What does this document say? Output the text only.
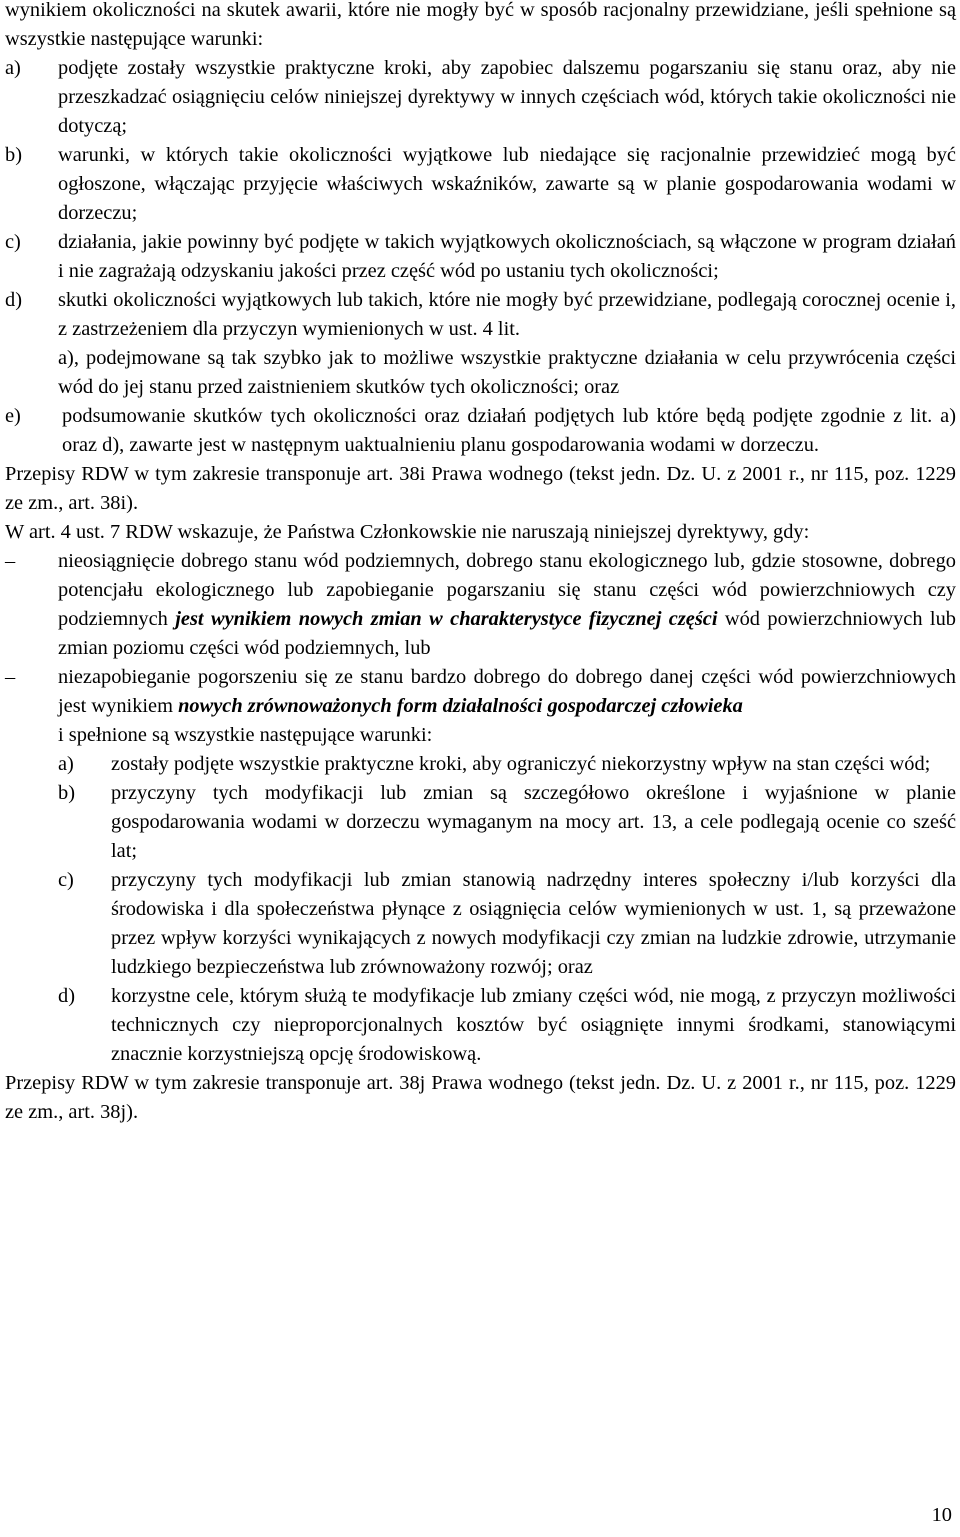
wynikiem okoliczności na skutek awarii, które nie mogły być w sposób racjonalny przewidziane, jeśli spełnione są wszystkie następujące warunki:

a)	podjęte zostały wszystkie praktyczne kroki, aby zapobiec dalszemu pogarszaniu się stanu oraz, aby nie przeszkadzać osiągnięciu celów niniejszej dyrektywy w innych częściach wód, których takie okoliczności nie dotyczą;
b)	warunki, w których takie okoliczności wyjątkowe lub niedające się racjonalnie przewidzieć mogą być ogłoszone, włączając przyjęcie właściwych wskaźników, zawarte są w planie gospodarowania wodami w dorzeczu;
c)	działania, jakie powinny być podjęte w takich wyjątkowych okolicznościach, są włączone w program działań i nie zagrażają odzyskaniu jakości przez część wód po ustaniu tych okoliczności;
d)	skutki okoliczności wyjątkowych lub takich, które nie mogły być przewidziane, podlegają corocznej ocenie i, z zastrzeżeniem dla przyczyn wymienionych w ust. 4 lit.
a), podejmowane są tak szybko jak to możliwe wszystkie praktyczne działania w celu przywrócenia części wód do jej stanu przed zaistnieniem skutków tych okoliczności; oraz
e)	podsumowanie skutków tych okoliczności oraz działań podjętych lub które będą podjęte zgodnie z lit. a) oraz d), zawarte jest w następnym uaktualnieniu planu gospodarowania wodami w dorzeczu.

Przepisy RDW w tym zakresie transponuje art. 38i Prawa wodnego (tekst jedn. Dz. U. z 2001 r., nr 115, poz. 1229 ze zm., art. 38i).

W art. 4 ust. 7 RDW wskazuje, że Państwa Członkowskie nie naruszają niniejszej dyrektywy, gdy:

–	nieosiągnięcie dobrego stanu wód podziemnych, dobrego stanu ekologicznego lub, gdzie stosowne, dobrego potencjału ekologicznego lub zapobieganie pogarszaniu się stanu części wód powierzchniowych czy podziemnych jest wynikiem nowych zmian w charakterystyce fizycznej części wód powierzchniowych lub zmian poziomu części wód podziemnych, lub
–	niezapobieganie pogorszeniu się ze stanu bardzo dobrego do dobrego danej części wód powierzchniowych jest wynikiem nowych zrównoważonych form działalności gospodarczej człowieka

i spełnione są wszystkie następujące warunki:

a)	zostały podjęte wszystkie praktyczne kroki, aby ograniczyć niekorzystny wpływ na stan części wód;
b)	przyczyny tych modyfikacji lub zmian są szczegółowo określone i wyjaśnione w planie gospodarowania wodami w dorzeczu wymaganym na mocy art. 13, a cele podlegają ocenie co sześć lat;
c)	przyczyny tych modyfikacji lub zmian stanowią nadrzędny interes społeczny i/lub korzyści dla środowiska i dla społeczeństwa płynące z osiągnięcia celów wymienionych w ust. 1, są przeważone przez wpływ korzyści wynikających z nowych modyfikacji czy zmian na ludzkie zdrowie, utrzymanie ludzkiego bezpieczeństwa lub zrównoważony rozwój; oraz
d)	korzystne cele, którym służą te modyfikacje lub zmiany części wód, nie mogą, z przyczyn możliwości technicznych czy nieproporcjonalnych kosztów być osiągnięte innymi środkami, stanowiącymi znacznie korzystniejszą opcję środowiskową.

Przepisy RDW w tym zakresie transponuje art. 38j Prawa wodnego (tekst jedn. Dz. U. z 2001 r., nr 115, poz. 1229 ze zm., art. 38j).

10
